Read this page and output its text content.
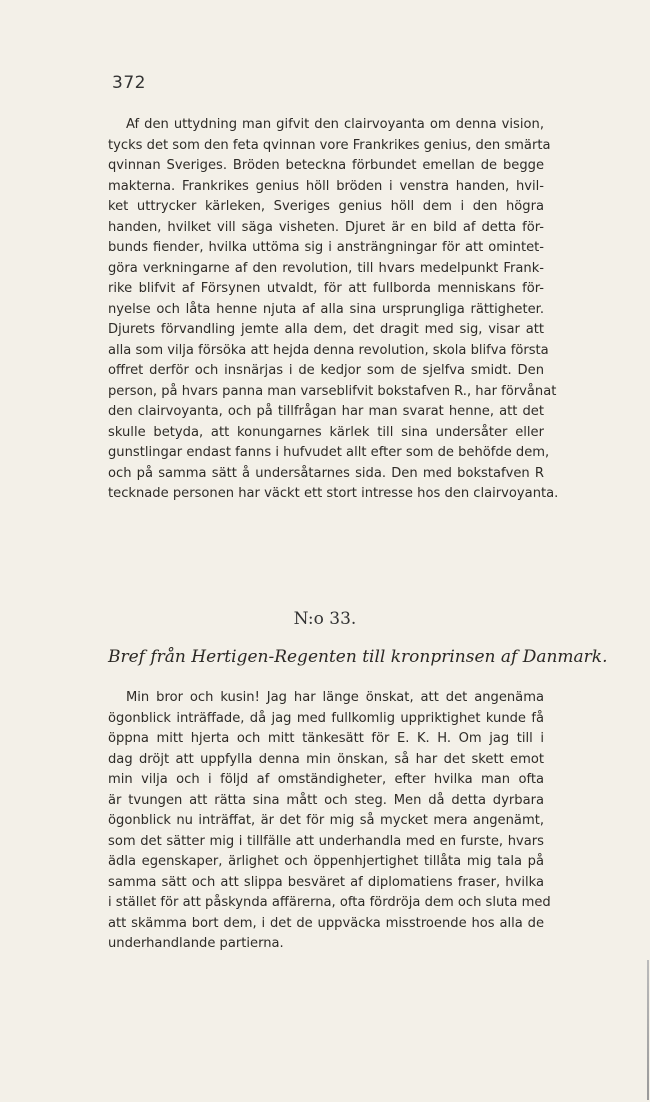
372
Af den uttydning man gifvit den clairvoyanta om denna vision,
tycks det som den feta qvinnan vore Frankrikes genius, den smärta
qvinnan Sveriges. Bröden beteckna förbundet emellan de begge
makterna. Frankrikes genius höll bröden i venstra handen, hvil-
ket uttrycker kärleken, Sveriges genius höll dem i den högra
handen, hvilket vill säga visheten. Djuret är en bild af detta för-
bunds fiender, hvilka uttöma sig i ansträngningar för att omintet-
göra verkningarne af den revolution, till hvars medelpunkt Frank-
rike blifvit af Försynen utvaldt, för att fullborda menniskans för-
nyelse och låta henne njuta af alla sina ursprungliga rättigheter.
Djurets förvandling jemte alla dem, det dragit med sig, visar att
alla som vilja försöka att hejda denna revolution, skola blifva första
offret derför och insnärjas i de kedjor som de sjelfva smidt. Den
person, på hvars panna man varseblifvit bokstafven R., har förvånat
den clairvoyanta, och på tillfrågan har man svarat henne, att det
skulle betyda, att konungarnes kärlek till sina undersåter eller
gunstlingar endast fanns i hufvudet allt efter som de behöfde dem,
och på samma sätt å undersåtarnes sida. Den med bokstafven R
tecknade personen har väckt ett stort intresse hos den clairvoyanta.
N:o 33.
Bref från Hertigen-Regenten till kronprinsen af Danmark.
Min bror och kusin! Jag har länge önskat, att det angenäma
ögonblick inträffade, då jag med fullkomlig uppriktighet kunde få
öppna mitt hjerta och mitt tänkesätt för E. K. H. Om jag till i
dag dröjt att uppfylla denna min önskan, så har det skett emot
min vilja och i följd af omständigheter, efter hvilka man ofta
är tvungen att rätta sina mått och steg. Men då detta dyrbara
ögonblick nu inträffat, är det för mig så mycket mera angenämt,
som det sätter mig i tillfälle att underhandla med en furste, hvars
ädla egenskaper, ärlighet och öppenhjertighet tillåta mig tala på
samma sätt och att slippa besväret af diplomatiens fraser, hvilka
i stället för att påskynda affärerna, ofta fördröja dem och sluta med
att skämma bort dem, i det de uppväcka misstroende hos alla de
underhandlande partierna.
